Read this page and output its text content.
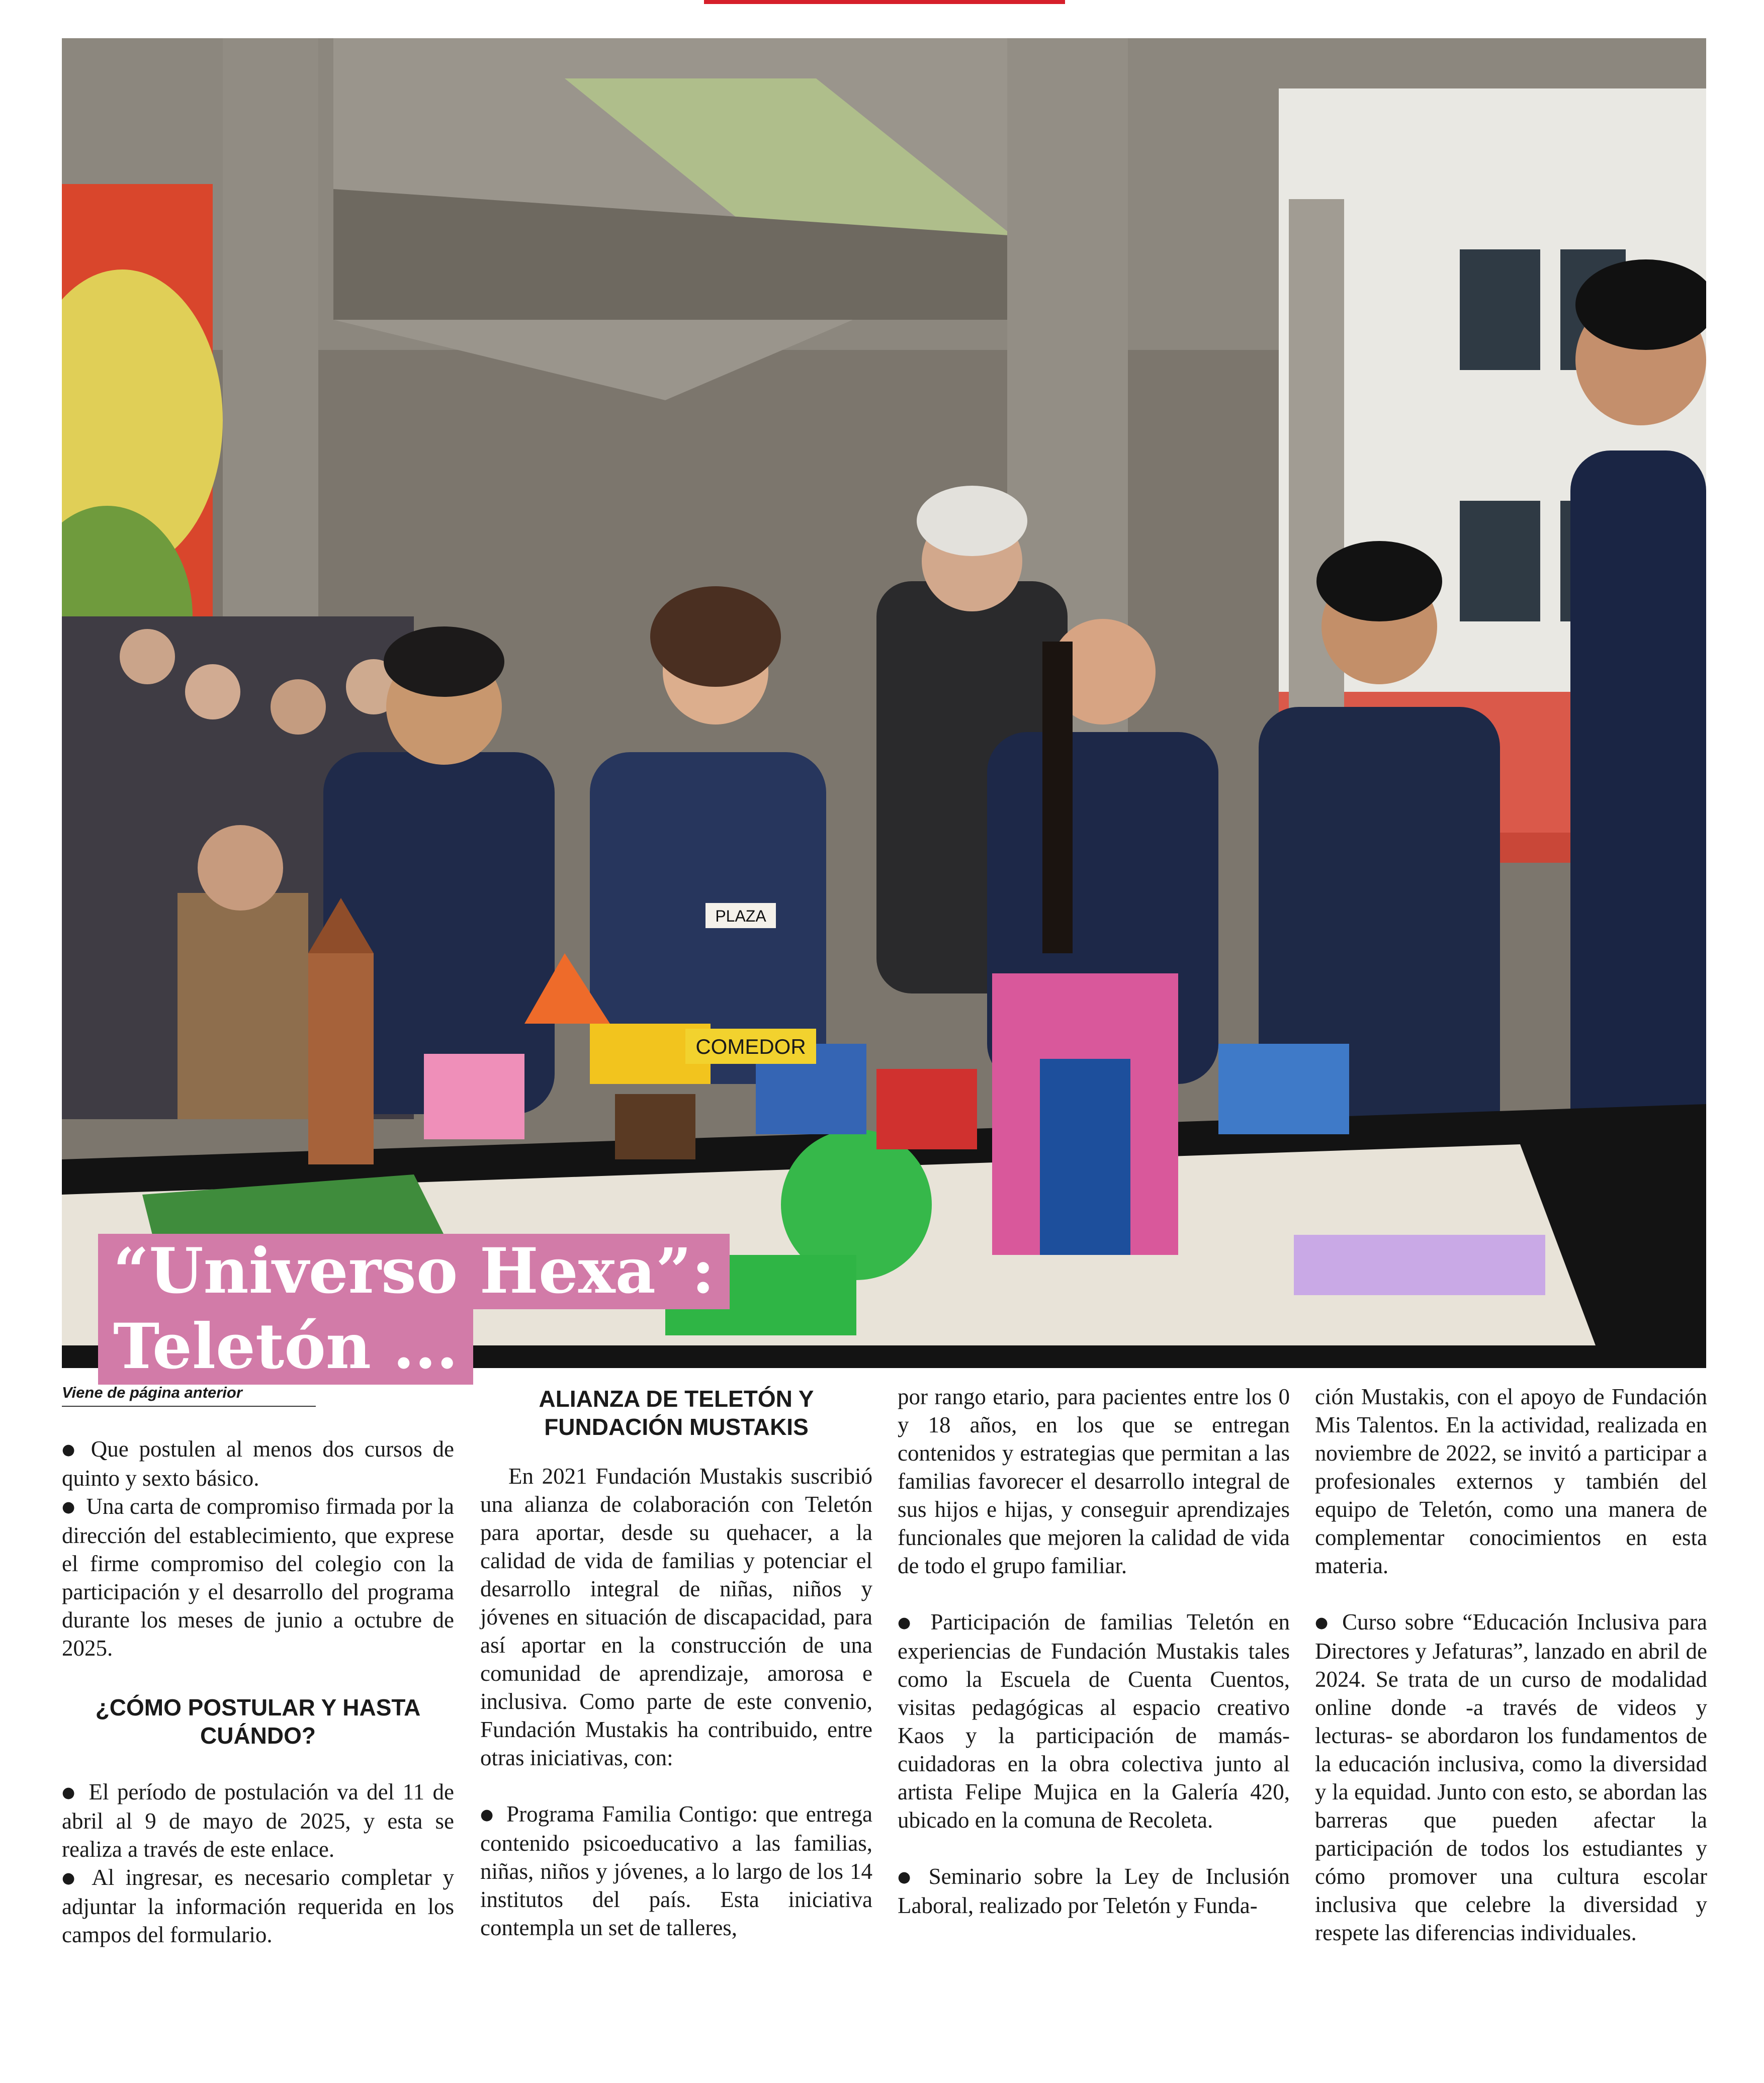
PLAZA
COMEDOR
“Universo Hexa”:
Teletón ...

Viene de página anterior

● Que postulen al menos dos cursos de quinto y sexto básico.

● Una carta de compromiso firmada por la dirección del establecimiento, que exprese el firme compromiso del colegio con la participación y el desarrollo del programa durante los meses de junio a octubre de 2025.

¿CÓMO POSTULAR Y HASTA CUÁNDO?

● El período de postulación va del 11 de abril al 9 de mayo de 2025, y esta se realiza a través de este enlace.

● Al ingresar, es necesario completar y adjuntar la información requerida en los campos del formulario.

ALIANZA DE TELETÓN Y FUNDACIÓN MUSTAKIS

En 2021 Fundación Mustakis suscribió una alianza de colaboración con Teletón para aportar, desde su quehacer, a la calidad de vida de familias y potenciar el desarrollo integral de niñas, niños y jóvenes en situación de discapacidad, para así aportar en la construcción de una comunidad de aprendizaje, amorosa e inclusiva. Como parte de este convenio, Fundación Mustakis ha contribuido, entre otras iniciativas, con:

● Programa Familia Contigo: que entrega contenido psicoeducativo a las familias, niñas, niños y jóvenes, a lo largo de los 14 institutos del país. Esta iniciativa contempla un set de talleres,

por rango etario, para pacientes entre los 0 y 18 años, en los que se entregan contenidos y estrategias que permitan a las familias favorecer el desarrollo integral de sus hijos e hijas, y conseguir aprendizajes funcionales que mejoren la calidad de vida de todo el grupo familiar.

● Participación de familias Teletón en experiencias de Fundación Mustakis tales como la Escuela de Cuenta Cuentos, visitas pedagógicas al espacio creativo Kaos y la participación de mamás-cuidadoras en la obra colectiva junto al artista Felipe Mujica en la Galería 420, ubicado en la comuna de Recoleta.

● Seminario sobre la Ley de Inclusión Laboral, realizado por Teletón y Funda-

ción Mustakis, con el apoyo de Fundación Mis Talentos. En la actividad, realizada en noviembre de 2022, se invitó a participar a profesionales externos y también del equipo de Teletón, como una manera de complementar conocimientos en esta materia.

● Curso sobre “Educación Inclusiva para Directores y Jefaturas”, lanzado en abril de 2024. Se trata de un curso de modalidad online donde -a través de videos y lecturas- se abordaron los fundamentos de la educación inclusiva, como la diversidad y la equidad. Junto con esto, se abordan las barreras que pueden afectar la participación de todos los estudiantes y cómo promover una cultura escolar inclusiva que celebre la diversidad y respete las diferencias individuales.
